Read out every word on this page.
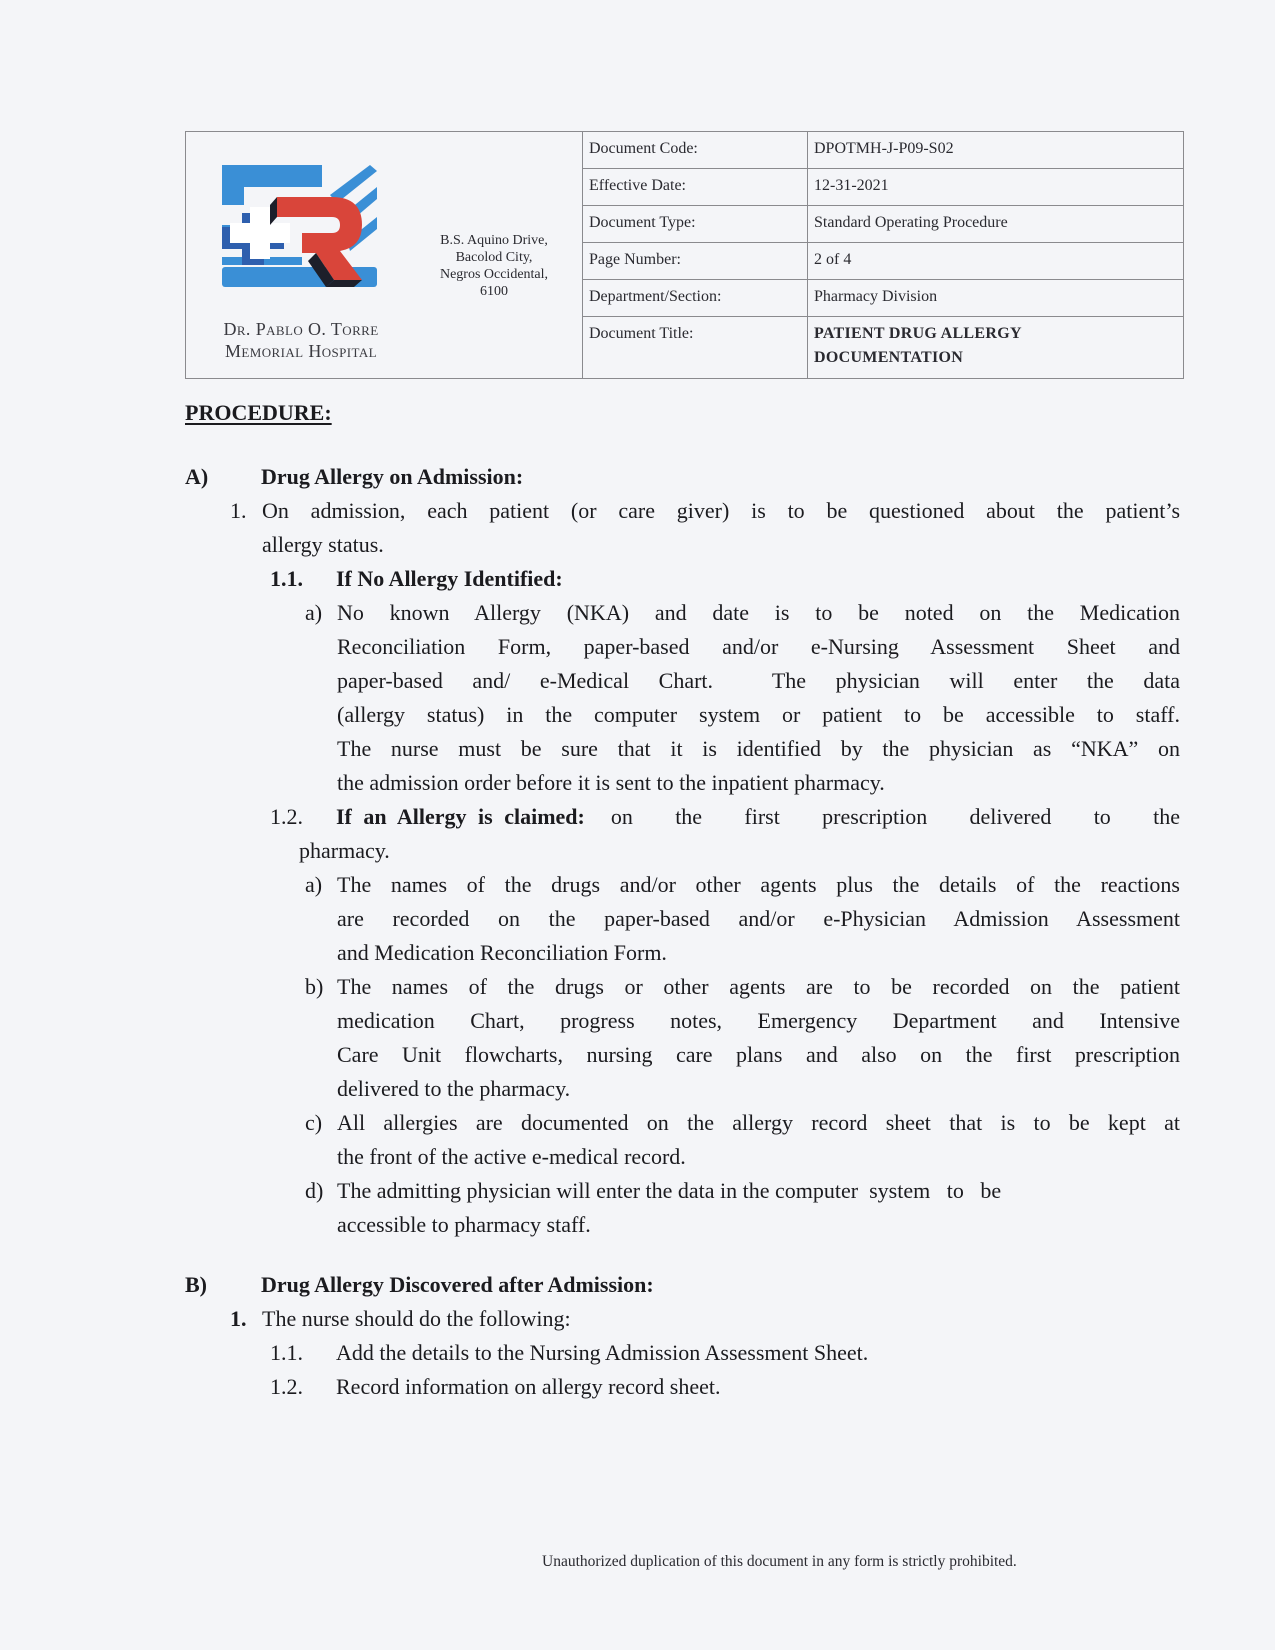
Dr. Pablo O. Torre
Memorial Hospital
B.S. Aquino Drive,
Bacolod City,
Negros Occidental,
6100
Document Code:	DPOTMH-J-P09-S02
Effective Date:	12-31-2021
Document Type:	Standard Operating Procedure
Page Number:	2 of 4
Department/Section:	Pharmacy Division
Document Title:	PATIENT DRUG ALLERGY
DOCUMENTATION
PROCEDURE:
A)	Drug Allergy on Admission:
1. On admission, each patient (or care giver) is to be questioned about the patient’s
allergy status.
1.1.	If No Allergy Identified:
a) No known Allergy (NKA) and date is to be noted on the Medication
Reconciliation Form, paper-based and/or e-Nursing Assessment Sheet and
paper-based and/ e-Medical Chart.  The physician will enter the data
(allergy status) in the computer system or patient to be accessible to staff.
The nurse must be sure that it is identified by the physician as “NKA” on
the admission order before it is sent to the inpatient pharmacy.
1.2.	If an Allergy is claimed: on the first prescription delivered to the
pharmacy.
a) The names of the drugs and/or other agents plus the details of the reactions
are recorded on the paper-based and/or e-Physician Admission Assessment
and Medication Reconciliation Form.
b) The names of the drugs or other agents are to be recorded on the patient
medication Chart, progress notes, Emergency Department and Intensive
Care Unit flowcharts, nursing care plans and also on the first prescription
delivered to the pharmacy.
c) All allergies are documented on the allergy record sheet that is to be kept at
the front of the active e-medical record.
d) The admitting physician will enter the data in the computer  system   to   be
accessible to pharmacy staff.
B)	Drug Allergy Discovered after Admission:
1. The nurse should do the following:
1.1.	Add the details to the Nursing Admission Assessment Sheet.
1.2.	Record information on allergy record sheet.
Unauthorized duplication of this document in any form is strictly prohibited.
